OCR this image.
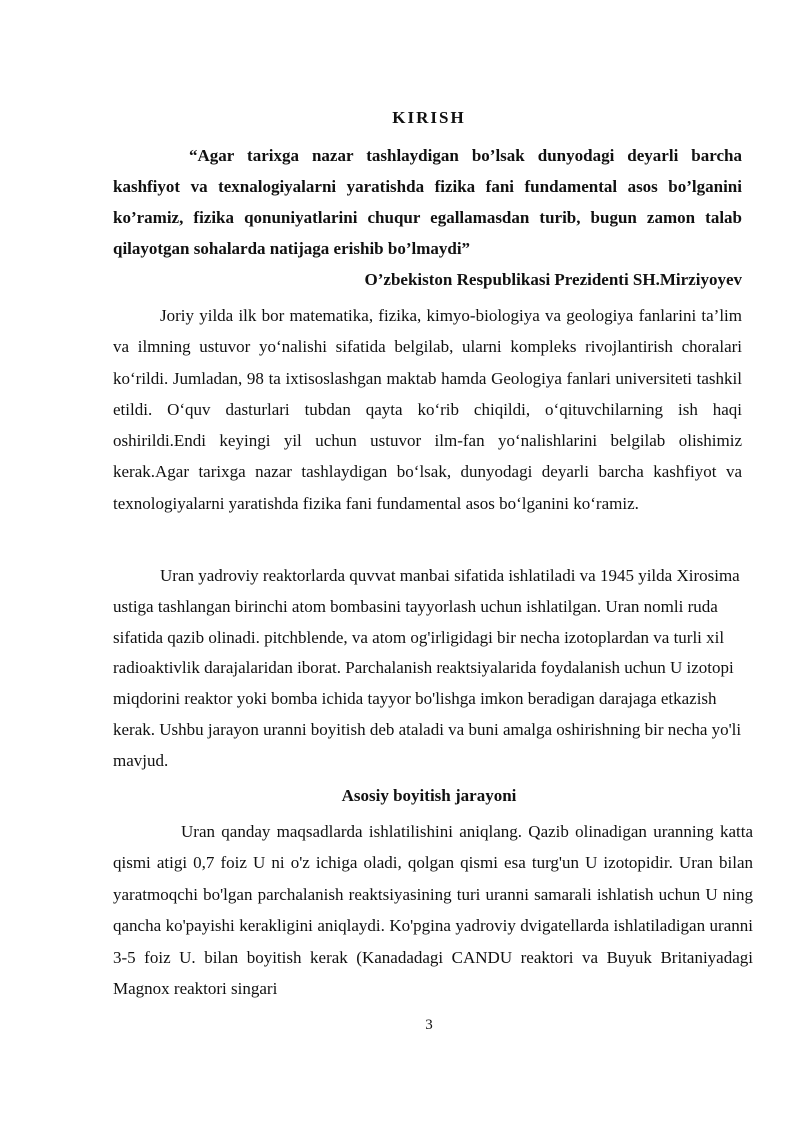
KIRISH
“Agar tarixga nazar tashlaydigan bo’lsak dunyodagi deyarli barcha kashfiyot va texnalogiyalarni yaratishda fizika fani fundamental asos bo’lganini ko’ramiz, fizika qonuniyatlarini chuqur egallamasdan turib, bugun zamon talab qilayotgan sohalarda natijaga erishib bo’lmaydi”
O’zbekiston Respublikasi Prezidenti SH.Mirziyoyev
Joriy yilda ilk bor matematika, fizika, kimyo-biologiya va geologiya fanlarini ta’lim va ilmning ustuvor yo‘nalishi sifatida belgilab, ularni kompleks rivojlantirish choralari ko‘rildi. Jumladan, 98 ta ixtisoslashgan maktab hamda Geologiya fanlari universiteti tashkil etildi. O‘quv dasturlari tubdan qayta ko‘rib chiqildi, o‘qituvchilarning ish haqi oshirildi.Endi keyingi yil uchun ustuvor ilm-fan yo‘nalishlarini belgilab olishimiz kerak.Agar tarixga nazar tashlaydigan bo‘lsak, dunyodagi deyarli barcha kashfiyot va texnologiyalarni yaratishda fizika fani fundamental asos bo‘lganini ko‘ramiz.
Uran yadroviy reaktorlarda quvvat manbai sifatida ishlatiladi va 1945 yilda Xirosima ustiga tashlangan birinchi atom bombasini tayyorlash uchun ishlatilgan. Uran nomli ruda sifatida qazib olinadi. pitchblende, va atom og'irligidagi bir necha izotoplardan va turli xil radioaktivlik darajalaridan iborat. Parchalanish reaktsiyalarida foydalanish uchun U izotopi miqdorini reaktor yoki bomba ichida tayyor bo'lishga imkon beradigan darajaga etkazish kerak. Ushbu jarayon uranni boyitish deb ataladi va buni amalga oshirishning bir necha yo'li mavjud.
Asosiy boyitish jarayoni
Uran qanday maqsadlarda ishlatilishini aniqlang. Qazib olinadigan uranning katta qismi atigi 0,7 foiz U ni o'z ichiga oladi, qolgan qismi esa turg'un U izotopidir. Uran bilan yaratmoqchi bo'lgan parchalanish reaktsiyasining turi uranni samarali ishlatish uchun U ning qancha ko'payishi kerakligini aniqlaydi. Ko'pgina yadroviy dvigatellarda ishlatiladigan uranni 3-5 foiz U. bilan boyitish kerak (Kanadadagi CANDU reaktori va Buyuk Britaniyadagi Magnox reaktori singari
3
